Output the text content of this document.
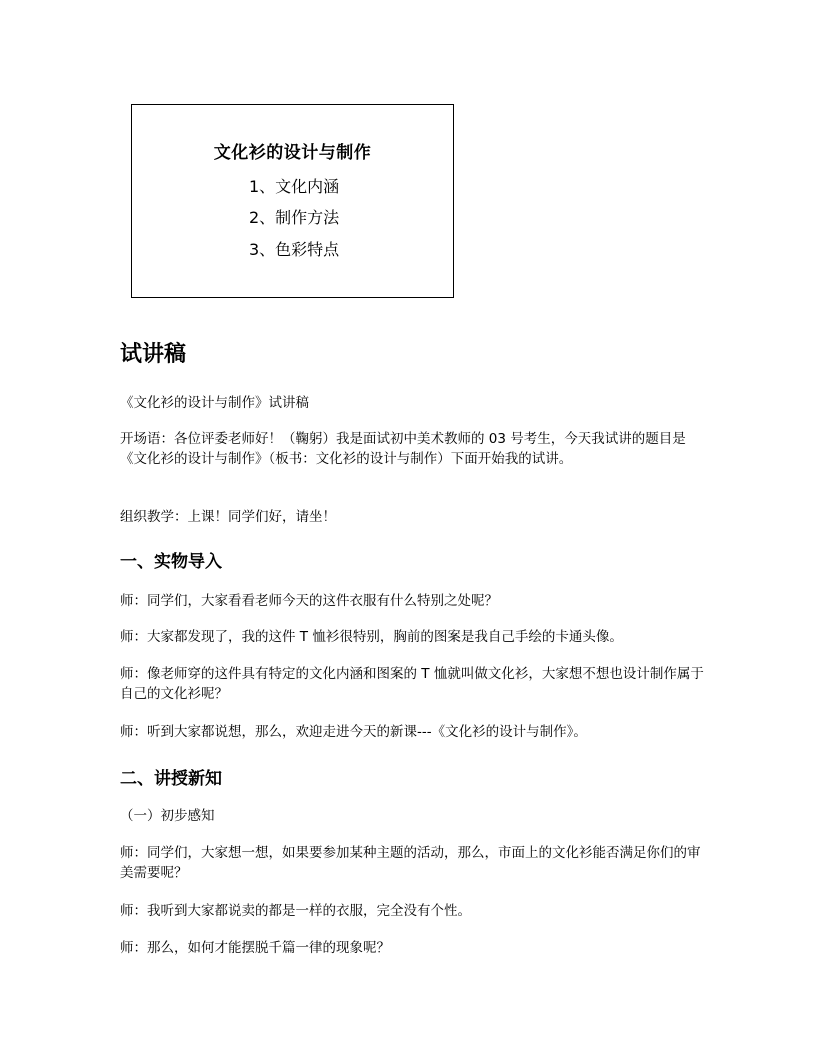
文化衫的设计与制作
1、文化内涵
2、制作方法
3、色彩特点
试讲稿

《文化衫的设计与制作》试讲稿

开场语：各位评委老师好！（鞠躬）我是面试初中美术教师的 03 号考生，今天我试讲的题目是《文化衫的设计与制作》（板书：文化衫的设计与制作）下面开始我的试讲。

组织教学：上课！同学们好，请坐！

一、实物导入

师：同学们，大家看看老师今天的这件衣服有什么特别之处呢？

师：大家都发现了，我的这件 T 恤衫很特别，胸前的图案是我自己手绘的卡通头像。

师：像老师穿的这件具有特定的文化内涵和图案的 T 恤就叫做文化衫，大家想不想也设计制作属于自己的文化衫呢？

师：听到大家都说想，那么，欢迎走进今天的新课---《文化衫的设计与制作》。

二、讲授新知

（一）初步感知

师：同学们，大家想一想，如果要参加某种主题的活动，那么，市面上的文化衫能否满足你们的审美需要呢？

师：我听到大家都说卖的都是一样的衣服，完全没有个性。

师：那么，如何才能摆脱千篇一律的现象呢？
